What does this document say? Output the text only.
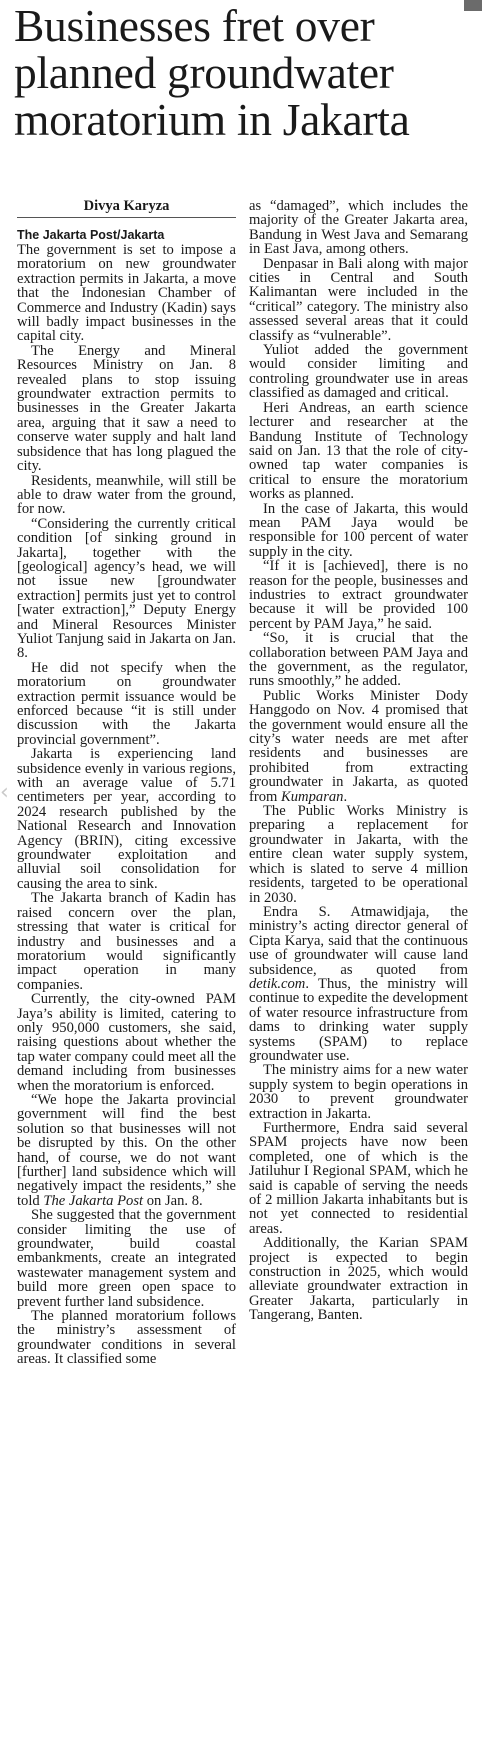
‹
Businesses fret over planned groundwater moratorium in Jakarta
Divya Karyza
The Jakarta Post/Jakarta

The government is set to impose a moratorium on new groundwater extraction permits in Jakarta, a move that the Indonesian Chamber of Commerce and Industry (Kadin) says will badly impact businesses in the capital city.

The Energy and Mineral Resources Ministry on Jan. 8 revealed plans to stop issuing groundwater extraction permits to businesses in the Greater Jakarta area, arguing that it saw a need to conserve water supply and halt land subsidence that has long plagued the city.

Residents, meanwhile, will still be able to draw water from the ground, for now.

“Considering the currently critical condition [of sinking ground in Jakarta], together with the [geological] agency’s head, we will not issue new [groundwater extraction] permits just yet to control [water extraction],” Deputy Energy and Mineral Resources Minister Yuliot Tanjung said in Jakarta on Jan. 8.

He did not specify when the moratorium on groundwater extraction permit issuance would be enforced because “it is still under discussion with the Jakarta provincial government”.

Jakarta is experiencing land subsidence evenly in various regions, with an average value of 5.71 centimeters per year, according to 2024 research published by the National Research and Innovation Agency (BRIN), citing excessive groundwater exploitation and alluvial soil consolidation for causing the area to sink.

The Jakarta branch of Kadin has raised concern over the plan, stressing that water is critical for industry and businesses and a moratorium would significantly impact operation in many companies.

Currently, the city-owned PAM Jaya’s ability is limited, catering to only 950,000 customers, she said, raising questions about whether the tap water company could meet all the demand including from businesses when the moratorium is enforced.

“We hope the Jakarta provincial government will find the best solution so that businesses will not be disrupted by this. On the other hand, of course, we do not want [further] land subsidence which will negatively impact the residents,” she told The Jakarta Post on Jan. 8.

She suggested that the government consider limiting the use of groundwater, build coastal embankments, create an integrated wastewater management system and build more green open space to prevent further land subsidence.

The planned moratorium follows the ministry’s assessment of groundwater conditions in several areas. It classified some

as “damaged”, which includes the majority of the Greater Jakarta area, Bandung in West Java and Semarang in East Java, among others.

Denpasar in Bali along with major cities in Central and South Kalimantan were included in the “critical” category. The ministry also assessed several areas that it could classify as “vulnerable”.

Yuliot added the government would consider limiting and controling groundwater use in areas classified as damaged and critical.

Heri Andreas, an earth science lecturer and researcher at the Bandung Institute of Technology said on Jan. 13 that the role of city-owned tap water companies is critical to ensure the moratorium works as planned.

In the case of Jakarta, this would mean PAM Jaya would be responsible for 100 percent of water supply in the city.

“If it is [achieved], there is no reason for the people, businesses and industries to extract groundwater because it will be provided 100 percent by PAM Jaya,” he said.

“So, it is crucial that the collaboration between PAM Jaya and the government, as the regulator, runs smoothly,” he added.

Public Works Minister Dody Hanggodo on Nov. 4 promised that the government would ensure all the city’s water needs are met after residents and businesses are prohibited from extracting groundwater in Jakarta, as quoted from Kumparan.

The Public Works Ministry is preparing a replacement for groundwater in Jakarta, with the entire clean water supply system, which is slated to serve 4 million residents, targeted to be operational in 2030.

Endra S. Atmawidjaja, the ministry’s acting director general of Cipta Karya, said that the continuous use of groundwater will cause land subsidence, as quoted from detik.com. Thus, the ministry will continue to expedite the development of water resource infrastructure from dams to drinking water supply systems (SPAM) to replace groundwater use.

The ministry aims for a new water supply system to begin operations in 2030 to prevent groundwater extraction in Jakarta.

Furthermore, Endra said several SPAM projects have now been completed, one of which is the Jatiluhur I Regional SPAM, which he said is capable of serving the needs of 2 million Jakarta inhabitants but is not yet connected to residential areas.

Additionally, the Karian SPAM project is expected to begin construction in 2025, which would alleviate groundwater extraction in Greater Jakarta, particularly in Tangerang, Banten.
